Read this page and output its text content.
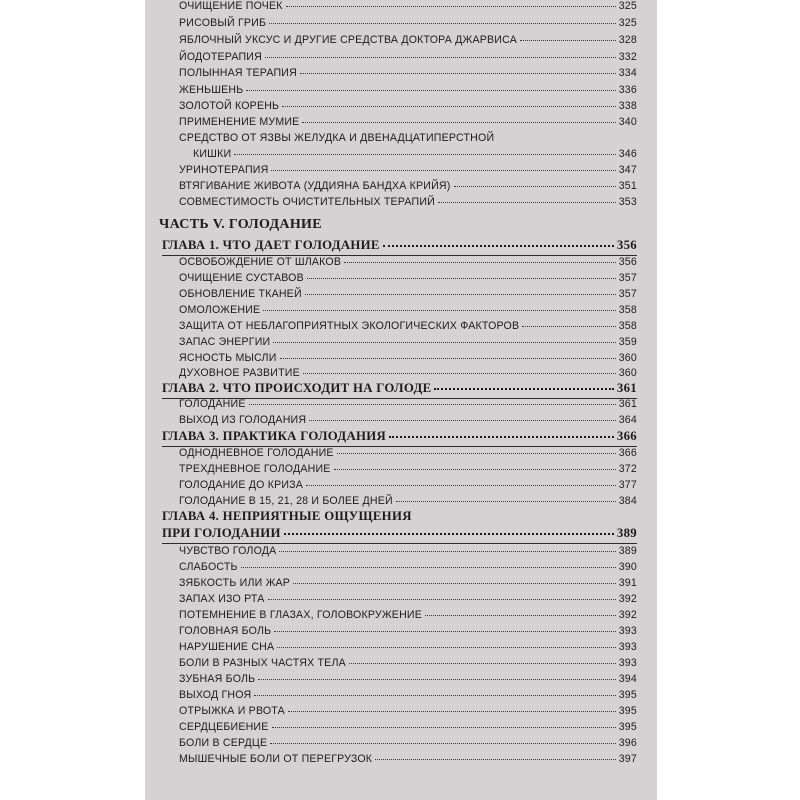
ОЧИЩЕНИЕ ПОЧЕК	325
РИСОВЫЙ ГРИБ	325
ЯБЛОЧНЫЙ УКСУС И ДРУГИЕ СРЕДСТВА ДОКТОРА ДЖАРВИСА	328
ЙОДОТЕРАПИЯ	332
ПОЛЫННАЯ ТЕРАПИЯ	334
ЖЕНЬШЕНЬ	336
ЗОЛОТОЙ КОРЕНЬ	338
ПРИМЕНЕНИЕ МУМИЕ	340
СРЕДСТВО ОТ ЯЗВЫ ЖЕЛУДКА И ДВЕНАДЦАТИПЕРСТНОЙ
КИШКИ	346
УРИНОТЕРАПИЯ	347
ВТЯГИВАНИЕ ЖИВОТА (УДДИЯНА БАНДХА КРИЙЯ)	351
СОВМЕСТИМОСТЬ ОЧИСТИТЕЛЬНЫХ ТЕРАПИЙ	353
ЧАСТЬ V. ГОЛОДАНИЕ
ГЛАВА 1. ЧТО ДАЕТ ГОЛОДАНИЕ	356
ОСВОБОЖДЕНИЕ ОТ ШЛАКОВ	356
ОЧИЩЕНИЕ СУСТАВОВ	357
ОБНОВЛЕНИЕ ТКАНЕЙ	357
ОМОЛОЖЕНИЕ	358
ЗАЩИТА ОТ НЕБЛАГОПРИЯТНЫХ ЭКОЛОГИЧЕСКИХ ФАКТОРОВ	358
ЗАПАС ЭНЕРГИИ	359
ЯСНОСТЬ МЫСЛИ	360
ДУХОВНОЕ РАЗВИТИЕ	360
ГЛАВА 2. ЧТО ПРОИСХОДИТ НА ГОЛОДЕ	361
ГОЛОДАНИЕ	361
ВЫХОД ИЗ ГОЛОДАНИЯ	364
ГЛАВА 3. ПРАКТИКА ГОЛОДАНИЯ	366
ОДНОДНЕВНОЕ ГОЛОДАНИЕ	366
ТРЕХДНЕВНОЕ ГОЛОДАНИЕ	372
ГОЛОДАНИЕ ДО КРИЗА	377
ГОЛОДАНИЕ В 15, 21, 28 И БОЛЕЕ ДНЕЙ	384
ГЛАВА 4. НЕПРИЯТНЫЕ ОЩУЩЕНИЯ
ПРИ ГОЛОДАНИИ	389
ЧУВСТВО ГОЛОДА	389
СЛАБОСТЬ	390
ЗЯБКОСТЬ ИЛИ ЖАР	391
ЗАПАХ ИЗО РТА	392
ПОТЕМНЕНИЕ В ГЛАЗАХ, ГОЛОВОКРУЖЕНИЕ	392
ГОЛОВНАЯ БОЛЬ	393
НАРУШЕНИЕ СНА	393
БОЛИ В РАЗНЫХ ЧАСТЯХ ТЕЛА	393
ЗУБНАЯ БОЛЬ	394
ВЫХОД ГНОЯ	395
ОТРЫЖКА И РВОТА	395
СЕРДЦЕБИЕНИЕ	395
БОЛИ В СЕРДЦЕ	396
МЫШЕЧНЫЕ БОЛИ ОТ ПЕРЕГРУЗОК	397
